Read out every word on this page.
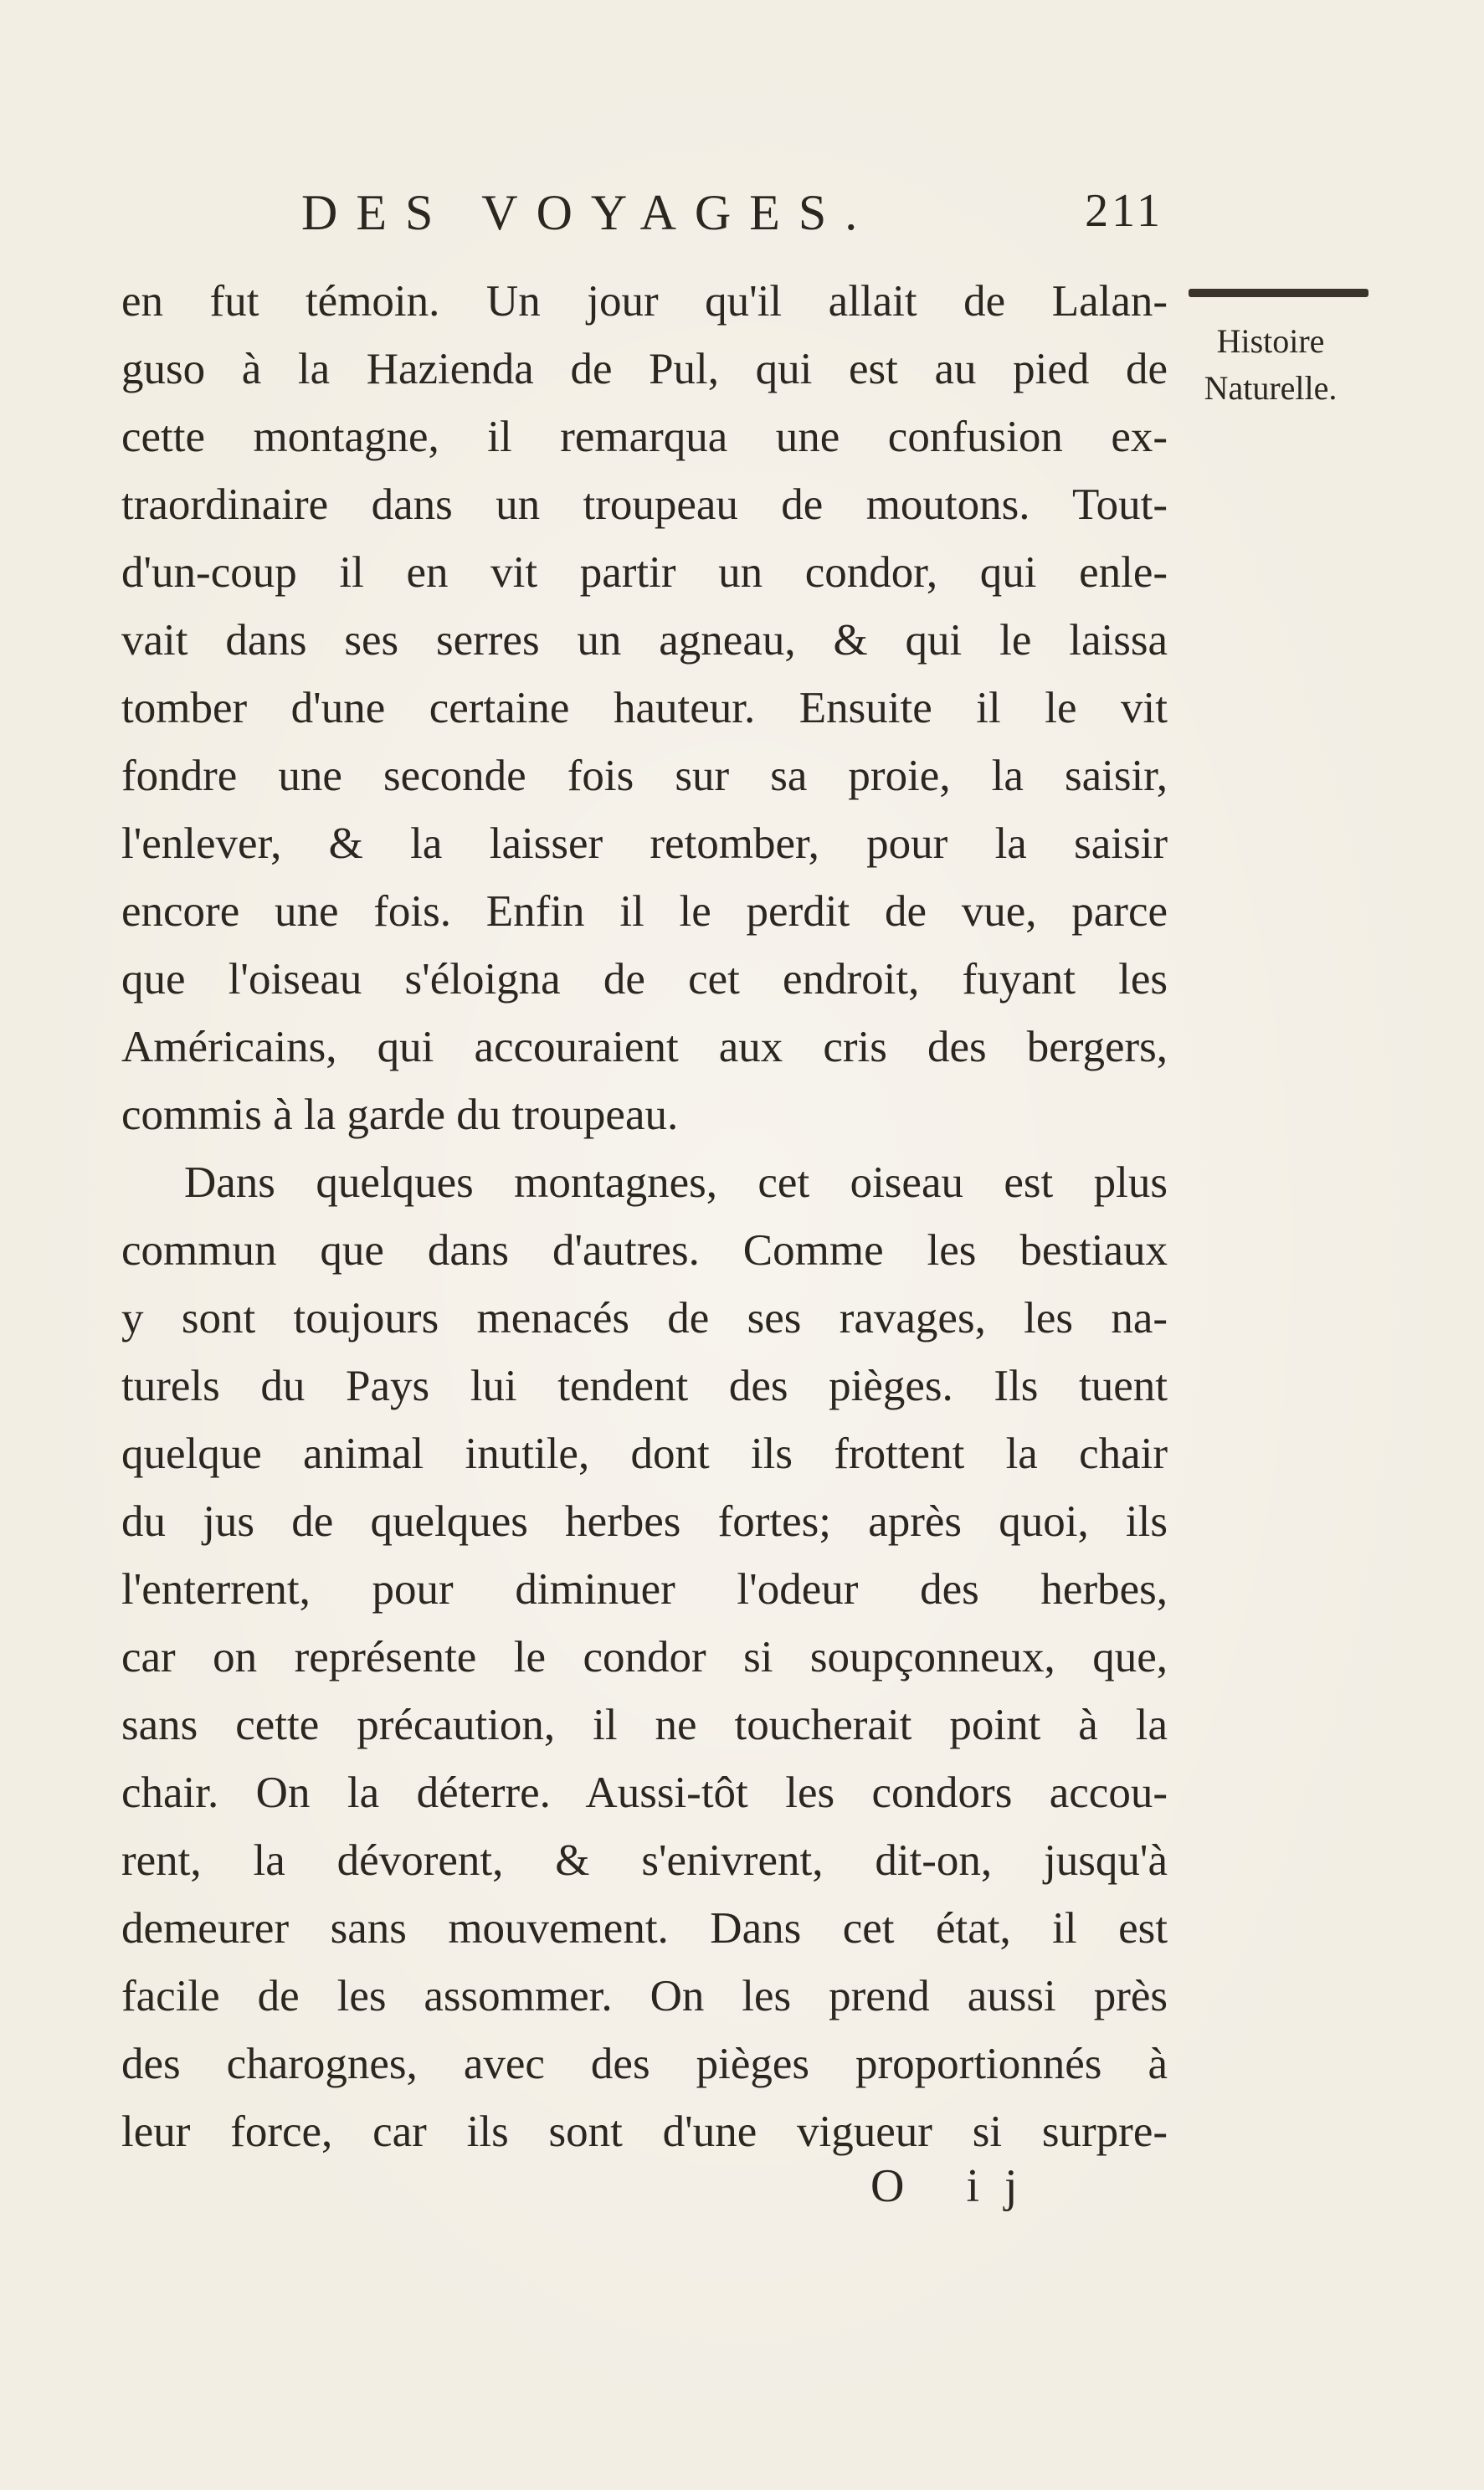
DES VOYAGES.	211
Histoire
Naturelle.
en fut témoin. Un jour qu'il allait de Lalan-
guso à la Hazienda de Pul, qui est au pied de
cette montagne, il remarqua une confusion ex-
traordinaire dans un troupeau de moutons. Tout-
d'un-coup il en vit partir un condor, qui enle-
vait dans ses serres un agneau, & qui le laissa
tomber d'une certaine hauteur. Ensuite il le vit
fondre une seconde fois sur sa proie, la saisir,
l'enlever, & la laisser retomber, pour la saisir
encore une fois. Enfin il le perdit de vue, parce
que l'oiseau s'éloigna de cet endroit, fuyant les
Américains, qui accouraient aux cris des bergers,
commis à la garde du troupeau.
Dans quelques montagnes, cet oiseau est plus
commun que dans d'autres. Comme les bestiaux
y sont toujours menacés de ses ravages, les na-
turels du Pays lui tendent des pièges. Ils tuent
quelque animal inutile, dont ils frottent la chair
du jus de quelques herbes fortes; après quoi, ils
l'enterrent, pour diminuer l'odeur des herbes,
car on représente le condor si soupçonneux, que,
sans cette précaution, il ne toucherait point à la
chair. On la déterre. Aussi-tôt les condors accou-
rent, la dévorent, & s'enivrent, dit-on, jusqu'à
demeurer sans mouvement. Dans cet état, il est
facile de les assommer. On les prend aussi près
des charognes, avec des pièges proportionnés à
leur force, car ils sont d'une vigueur si surpre-
O ij
